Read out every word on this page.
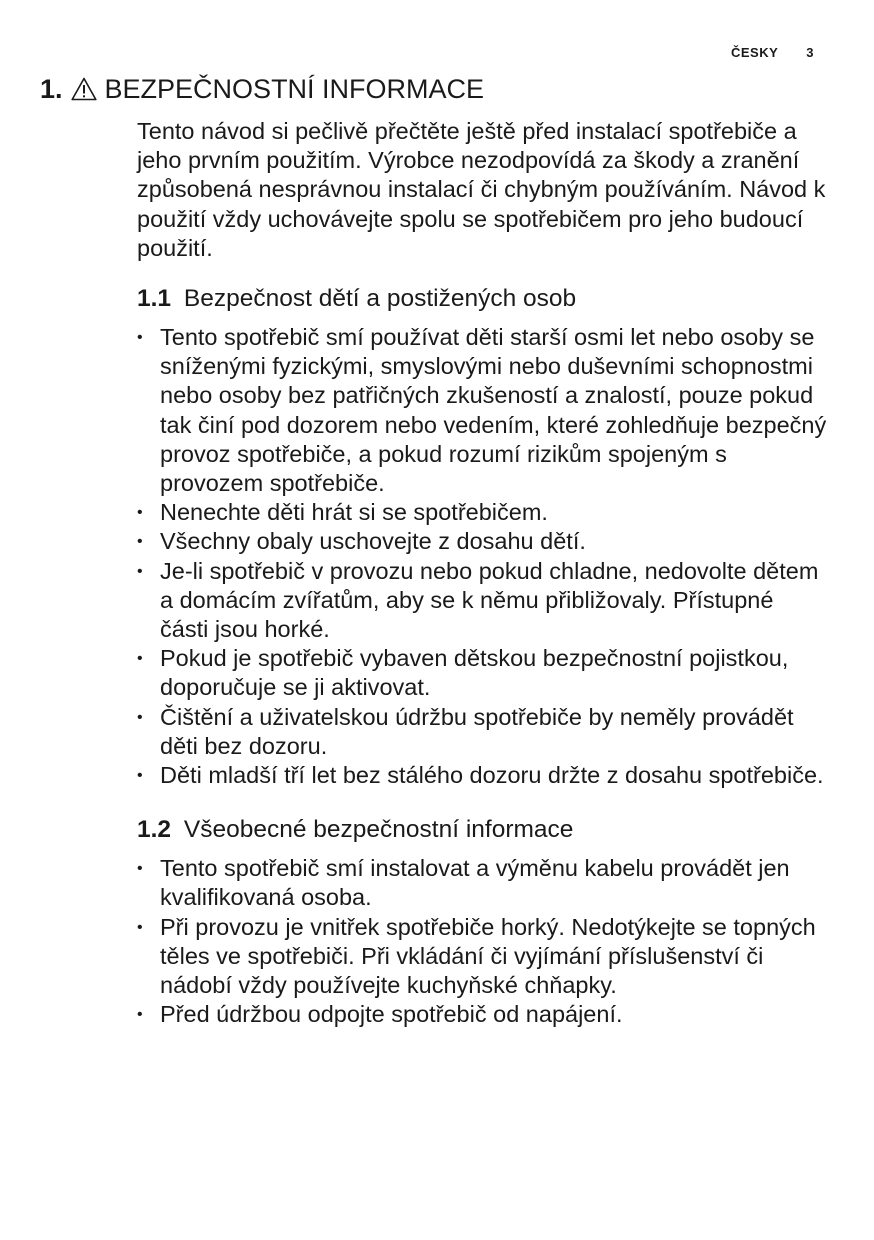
ČESKY 3
1. BEZPEČNOSTNÍ INFORMACE

Tento návod si pečlivě přečtěte ještě před instalací spotřebiče a jeho prvním použitím. Výrobce nezodpovídá za škody a zranění způsobená nesprávnou instalací či chybným používáním. Návod k použití vždy uchovávejte spolu se spotřebičem pro jeho budoucí použití.

1.1 Bezpečnost dětí a postižených osob
• Tento spotřebič smí používat děti starší osmi let nebo osoby se sníženými fyzickými, smyslovými nebo duševními schopnostmi nebo osoby bez patřičných zkušeností a znalostí, pouze pokud tak činí pod dozorem nebo vedením, které zohledňuje bezpečný provoz spotřebiče, a pokud rozumí rizikům spojeným s provozem spotřebiče.
• Nenechte děti hrát si se spotřebičem.
• Všechny obaly uschovejte z dosahu dětí.
• Je-li spotřebič v provozu nebo pokud chladne, nedovolte dětem a domácím zvířatům, aby se k němu přibližovaly. Přístupné části jsou horké.
• Pokud je spotřebič vybaven dětskou bezpečnostní pojistkou, doporučuje se ji aktivovat.
• Čištění a uživatelskou údržbu spotřebiče by neměly provádět děti bez dozoru.
• Děti mladší tří let bez stálého dozoru držte z dosahu spotřebiče.
1.2 Všeobecné bezpečnostní informace
• Tento spotřebič smí instalovat a výměnu kabelu provádět jen kvalifikovaná osoba.
• Při provozu je vnitřek spotřebiče horký. Nedotýkejte se topných těles ve spotřebiči. Při vkládání či vyjímání příslušenství či nádobí vždy používejte kuchyňské chňapky.
• Před údržbou odpojte spotřebič od napájení.
